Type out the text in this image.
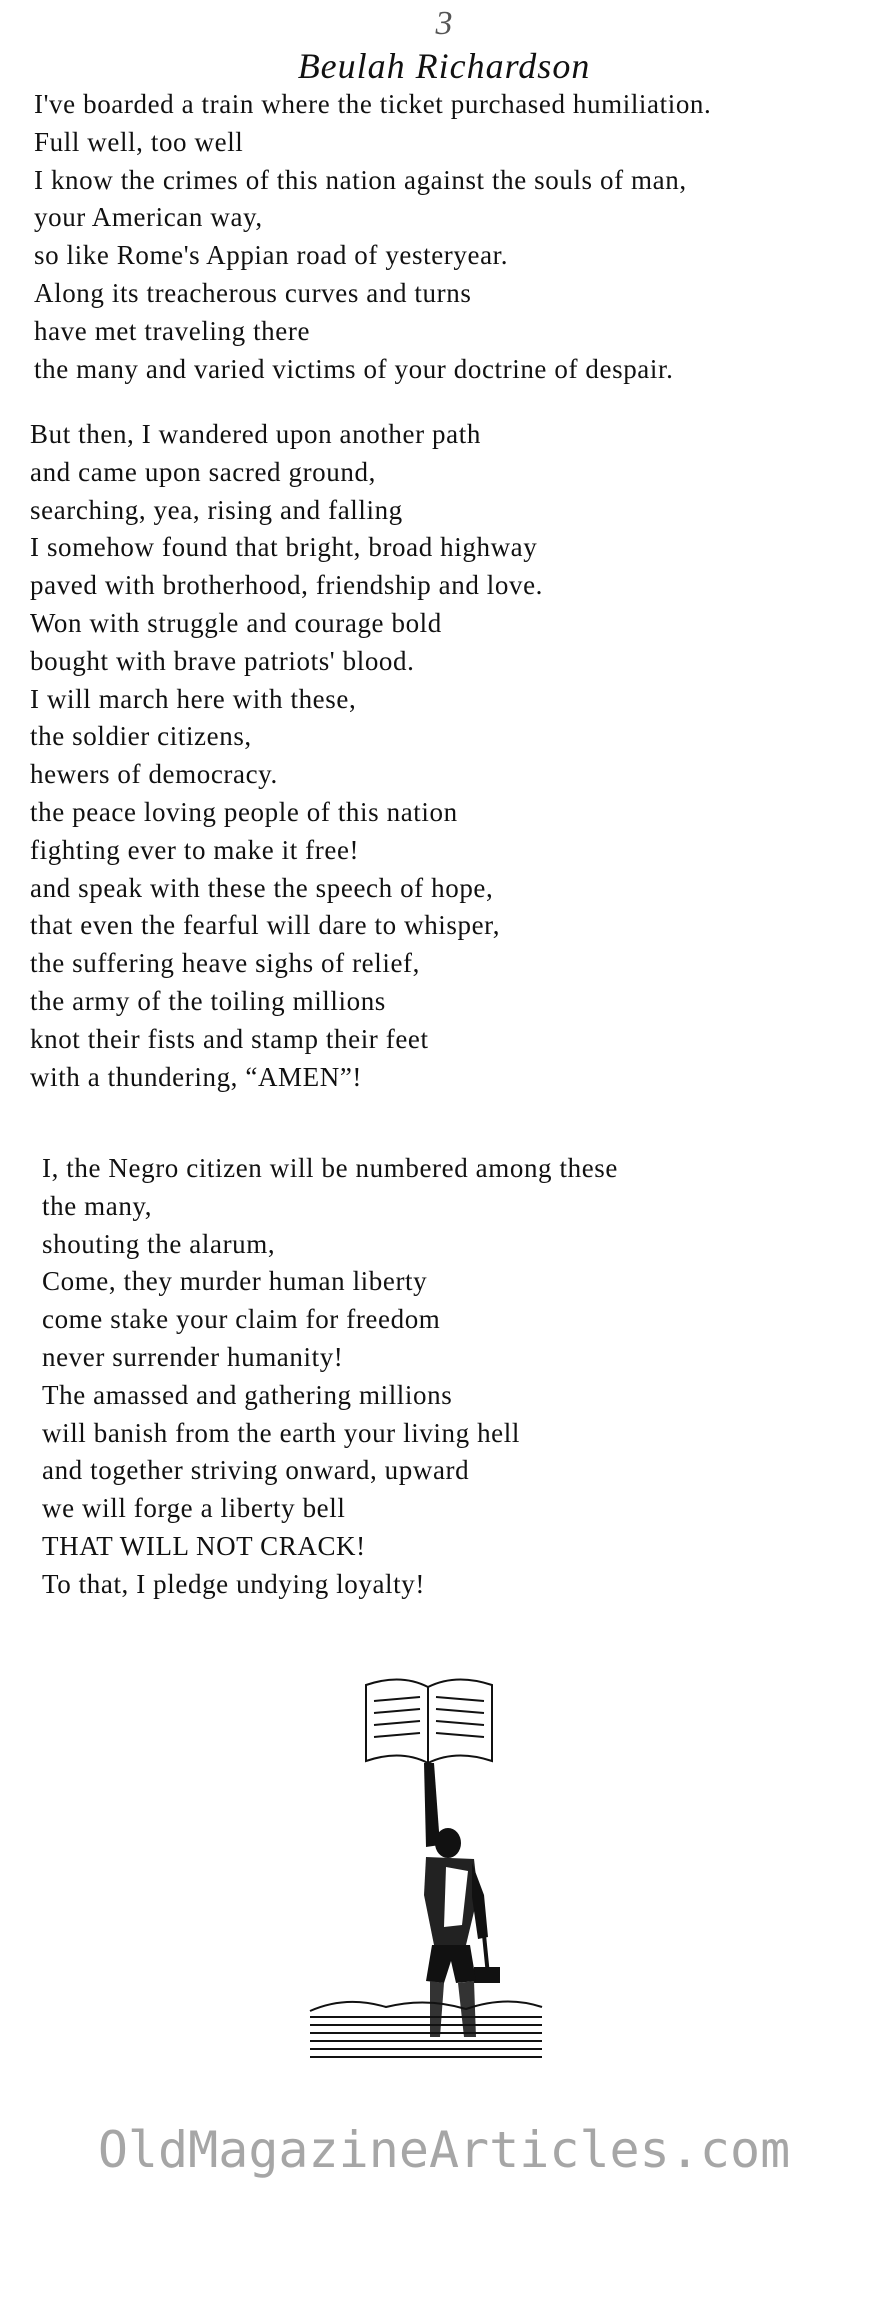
3
Beulah Richardson
I've boarded a train where the ticket purchased humiliation.
Full well, too well
I know the crimes of this nation against the souls of man,
your American way,
so like Rome's Appian road of yesteryear.
Along its treacherous curves and turns
have met traveling there
the many and varied victims of your doctrine of despair.
But then, I wandered upon another path
and came upon sacred ground,
searching, yea, rising and falling
I somehow found that bright, broad highway
paved with brotherhood, friendship and love.
Won with struggle and courage bold
bought with brave patriots' blood.
I will march here with these,
the soldier citizens,
hewers of democracy.
the peace loving people of this nation
fighting ever to make it free!
and speak with these the speech of hope,
that even the fearful will dare to whisper,
the suffering heave sighs of relief,
the army of the toiling millions
knot their fists and stamp their feet
with a thundering, “AMEN”!
I, the Negro citizen will be numbered among these
the many,
shouting the alarum,
Come, they murder human liberty
come stake your claim for freedom
never surrender humanity!
The amassed and gathering millions
will banish from the earth your living hell
and together striving onward, upward
we will forge a liberty bell
THAT WILL NOT CRACK!
To that, I pledge undying loyalty!
OldMagazineArticles.com
